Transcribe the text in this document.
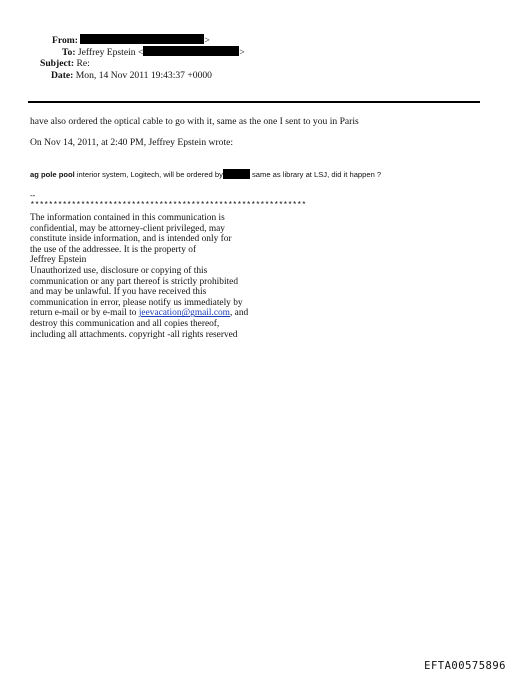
From:	>
To: Jeffrey Epstein <	>
Subject: Re:
Date: Mon, 14 Nov 2011 19:43:37 +0000
have also ordered the optical cable to go with it, same as the one I sent to you in Paris
On Nov 14, 2011, at 2:40 PM, Jeffrey Epstein wrote:
ag pole pool interior system, Logitech, will be ordered by	same as library at LSJ, did it happen ?
--
************************************************************
The information contained in this communication is
confidential, may be attorney-client privileged, may
constitute inside information, and is intended only for
the use of the addressee. It is the property of
Jeffrey Epstein
Unauthorized use, disclosure or copying of this
communication or any part thereof is strictly prohibited
and may be unlawful. If you have received this
communication in error, please notify us immediately by
return e-mail or by e-mail to jeevacation@gmail.com, and
destroy this communication and all copies thereof,
including all attachments. copyright -all rights reserved
EFTA00575896
